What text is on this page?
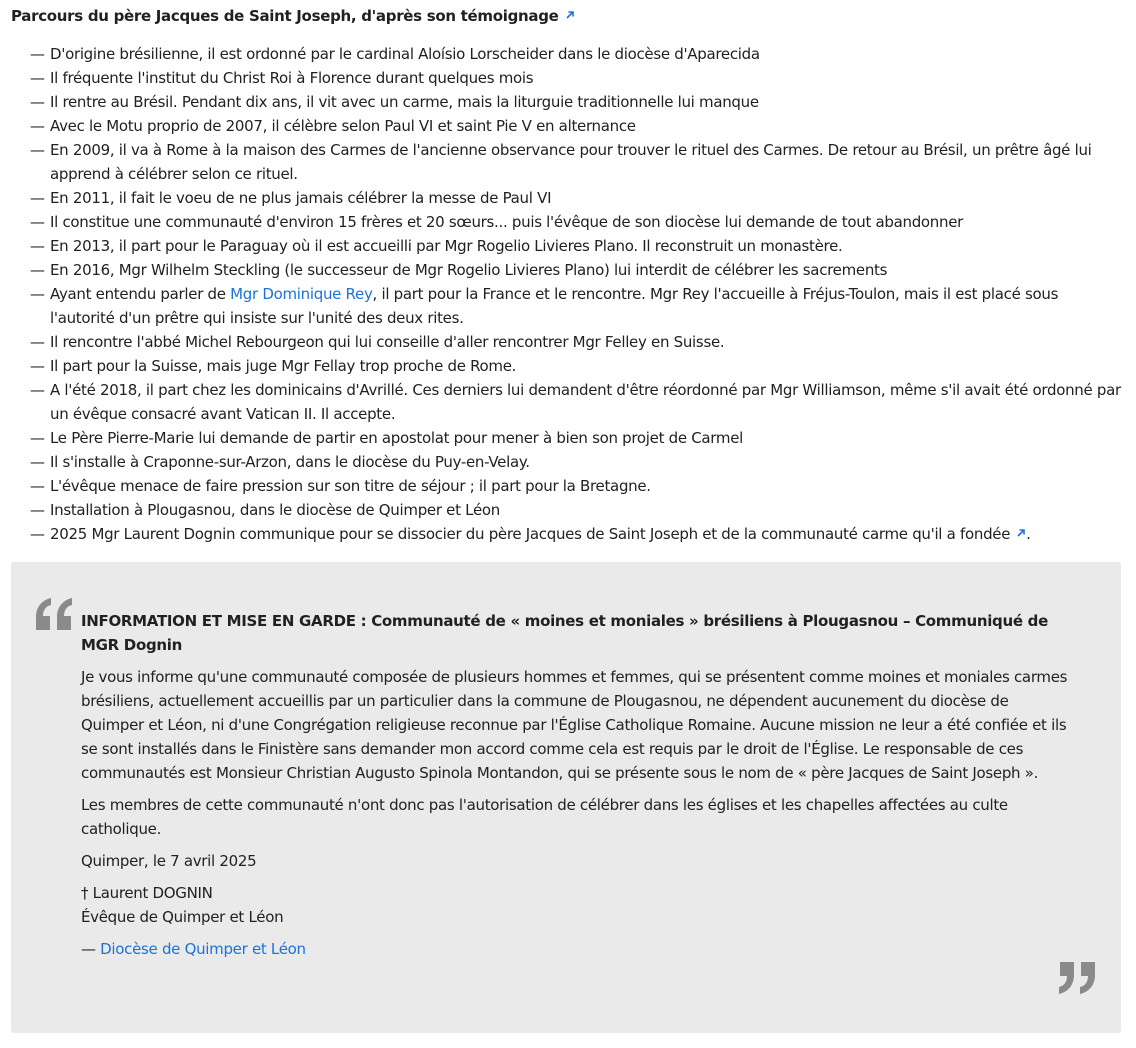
Parcours du père Jacques de Saint Joseph, d'après son témoignage
— D'origine brésilienne, il est ordonné par le cardinal Aloísio Lorscheider dans le diocèse d'Aparecida
— Il fréquente l'institut du Christ Roi à Florence durant quelques mois
— Il rentre au Brésil. Pendant dix ans, il vit avec un carme, mais la liturguie traditionnelle lui manque
— Avec le Motu proprio de 2007, il célèbre selon Paul VI et saint Pie V en alternance
— En 2009, il va à Rome à la maison des Carmes de l'ancienne observance pour trouver le rituel des Carmes. De retour au Brésil, un prêtre âgé lui apprend à célébrer selon ce rituel.
— En 2011, il fait le voeu de ne plus jamais célébrer la messe de Paul VI
— Il constitue une communauté d'environ 15 frères et 20 sœurs... puis l'évêque de son diocèse lui demande de tout abandonner
— En 2013, il part pour le Paraguay où il est accueilli par Mgr Rogelio Livieres Plano. Il reconstruit un monastère.
— En 2016, Mgr Wilhelm Steckling (le successeur de Mgr Rogelio Livieres Plano) lui interdit de célébrer les sacrements
— Ayant entendu parler de Mgr Dominique Rey, il part pour la France et le rencontre. Mgr Rey l'accueille à Fréjus-Toulon, mais il est placé sous l'autorité d'un prêtre qui insiste sur l'unité des deux rites.
— Il rencontre l'abbé Michel Rebourgeon qui lui conseille d'aller rencontrer Mgr Felley en Suisse.
— Il part pour la Suisse, mais juge Mgr Fellay trop proche de Rome.
— A l'été 2018, il part chez les dominicains d'Avrillé. Ces derniers lui demandent d'être réordonné par Mgr Williamson, même s'il avait été ordonné par un évêque consacré avant Vatican II. Il accepte.
— Le Père Pierre-Marie lui demande de partir en apostolat pour mener à bien son projet de Carmel
— Il s'installe à Craponne-sur-Arzon, dans le diocèse du Puy-en-Velay.
— L'évêque menace de faire pression sur son titre de séjour ; il part pour la Bretagne.
— Installation à Plougasnou, dans le diocèse de Quimper et Léon
— 2025 Mgr Laurent Dognin communique pour se dissocier du père Jacques de Saint Joseph et de la communauté carme qu'il a fondée .

INFORMATION ET MISE EN GARDE : Communauté de « moines et moniales » brésiliens à Plougasnou – Communiqué de MGR Dognin

Je vous informe qu'une communauté composée de plusieurs hommes et femmes, qui se présentent comme moines et moniales carmes brésiliens, actuellement accueillis par un particulier dans la commune de Plougasnou, ne dépendent aucunement du diocèse de Quimper et Léon, ni d'une Congrégation religieuse reconnue par l'Église Catholique Romaine. Aucune mission ne leur a été confiée et ils se sont installés dans le Finistère sans demander mon accord comme cela est requis par le droit de l'Église. Le responsable de ces communautés est Monsieur Christian Augusto Spinola Montandon, qui se présente sous le nom de « père Jacques de Saint Joseph ».

Les membres de cette communauté n'ont donc pas l'autorisation de célébrer dans les églises et les chapelles affectées au culte catholique.

Quimper, le 7 avril 2025

† Laurent DOGNIN
Évêque de Quimper et Léon

— Diocèse de Quimper et Léon
